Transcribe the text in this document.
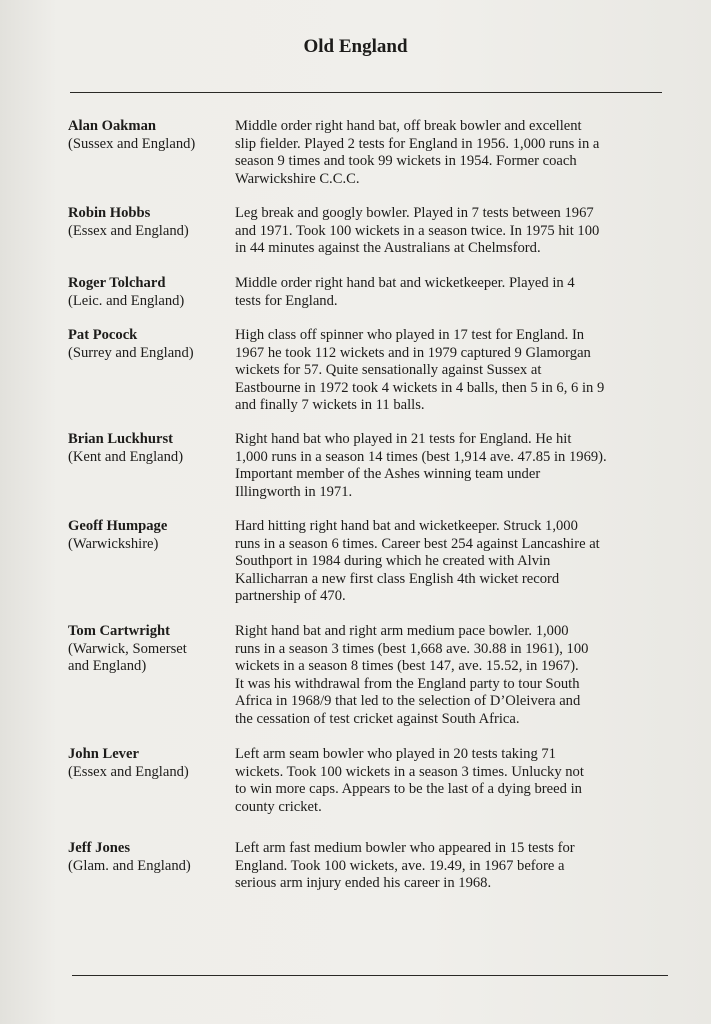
Old England
Alan Oakman
(Sussex and England)
Middle order right hand bat, off break bowler and excellent
slip fielder. Played 2 tests for England in 1956. 1,000 runs in a
season 9 times and took 99 wickets in 1954. Former coach
Warwickshire C.C.C.
Robin Hobbs
(Essex and England)
Leg break and googly bowler. Played in 7 tests between 1967
and 1971. Took 100 wickets in a season twice. In 1975 hit 100
in 44 minutes against the Australians at Chelmsford.
Roger Tolchard
(Leic. and England)
Middle order right hand bat and wicketkeeper. Played in 4
tests for England.
Pat Pocock
(Surrey and England)
High class off spinner who played in 17 test for England. In
1967 he took 112 wickets and in 1979 captured 9 Glamorgan
wickets for 57. Quite sensationally against Sussex at
Eastbourne in 1972 took 4 wickets in 4 balls, then 5 in 6, 6 in 9
and finally 7 wickets in 11 balls.
Brian Luckhurst
(Kent and England)
Right hand bat who played in 21 tests for England. He hit
1,000 runs in a season 14 times (best 1,914 ave. 47.85 in 1969).
Important member of the Ashes winning team under
Illingworth in 1971.
Geoff Humpage
(Warwickshire)
Hard hitting right hand bat and wicketkeeper. Struck 1,000
runs in a season 6 times. Career best 254 against Lancashire at
Southport in 1984 during which he created with Alvin
Kallicharran a new first class English 4th wicket record
partnership of 470.
Tom Cartwright
(Warwick, Somerset
and England)
Right hand bat and right arm medium pace bowler. 1,000
runs in a season 3 times (best 1,668 ave. 30.88 in 1961), 100
wickets in a season 8 times (best 147, ave. 15.52, in 1967).
It was his withdrawal from the England party to tour South
Africa in 1968/9 that led to the selection of D’Oleivera and
the cessation of test cricket against South Africa.
John Lever
(Essex and England)
Left arm seam bowler who played in 20 tests taking 71
wickets. Took 100 wickets in a season 3 times. Unlucky not
to win more caps. Appears to be the last of a dying breed in
county cricket.
Jeff Jones
(Glam. and England)
Left arm fast medium bowler who appeared in 15 tests for
England. Took 100 wickets, ave. 19.49, in 1967 before a
serious arm injury ended his career in 1968.
